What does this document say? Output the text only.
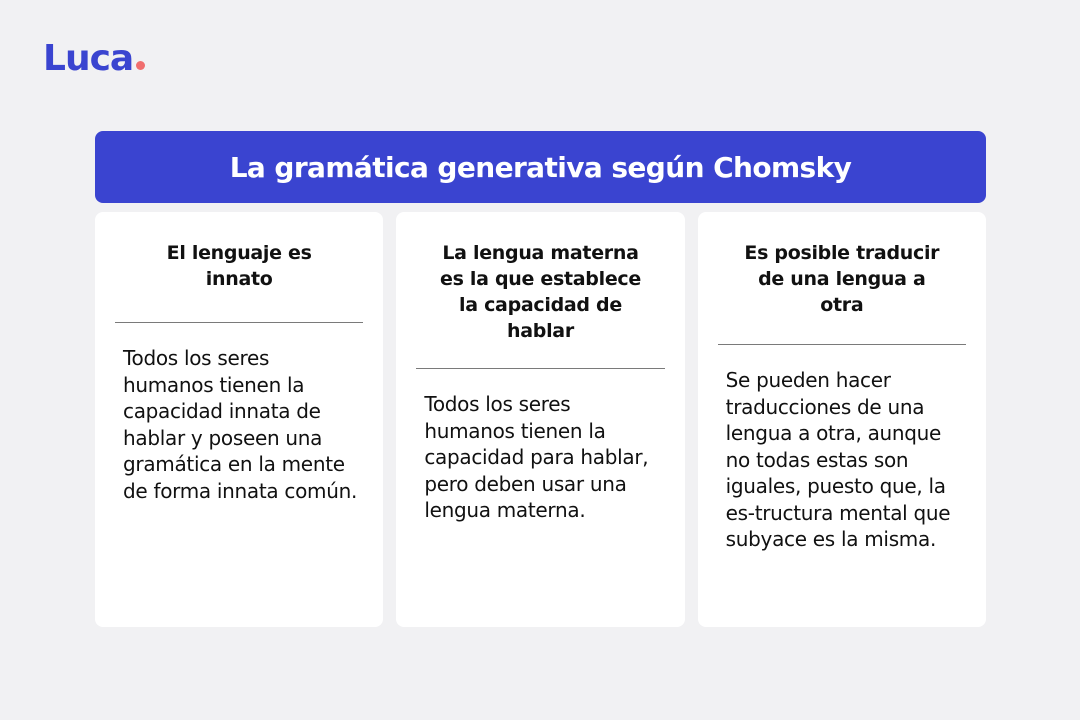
Luca
La gramática generativa según Chomsky
El lenguaje es innato

Todos los seres humanos tienen la capacidad innata de hablar y poseen una gramática en la mente de forma innata común.

La lengua materna es la que establece la capacidad de hablar

Todos los seres humanos tienen la capacidad para hablar, pero deben usar una lengua materna.

Es posible traducir de una lengua a otra

Se pueden hacer traducciones de una lengua a otra, aunque no todas estas son iguales, puesto que, la es-tructura mental que subyace es la misma.
